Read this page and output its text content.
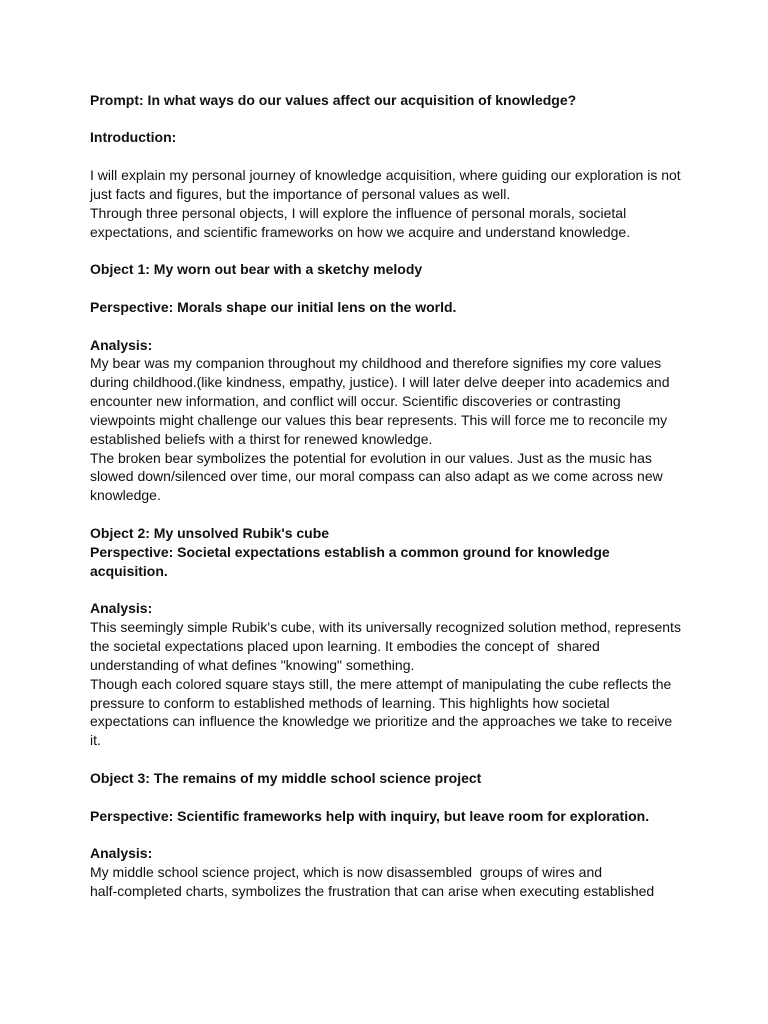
Prompt: In what ways do our values affect our acquisition of knowledge?
Introduction:
I will explain my personal journey of knowledge acquisition, where guiding our exploration is not
just facts and figures, but the importance of personal values as well.
Through three personal objects, I will explore the influence of personal morals, societal
expectations, and scientific frameworks on how we acquire and understand knowledge.
Object 1: My worn out bear with a sketchy melody
Perspective: Morals shape our initial lens on the world.
Analysis:
My bear was my companion throughout my childhood and therefore signifies my core values
during childhood.(like kindness, empathy, justice). I will later delve deeper into academics and
encounter new information, and conflict will occur. Scientific discoveries or contrasting
viewpoints might challenge our values this bear represents. This will force me to reconcile my
established beliefs with a thirst for renewed knowledge.
The broken bear symbolizes the potential for evolution in our values. Just as the music has
slowed down/silenced over time, our moral compass can also adapt as we come across new
knowledge.
Object 2: My unsolved Rubik's cube
Perspective: Societal expectations establish a common ground for knowledge
acquisition.
Analysis:
This seemingly simple Rubik's cube, with its universally recognized solution method, represents
the societal expectations placed upon learning. It embodies the concept of  shared
understanding of what defines "knowing" something.
Though each colored square stays still, the mere attempt of manipulating the cube reflects the
pressure to conform to established methods of learning. This highlights how societal
expectations can influence the knowledge we prioritize and the approaches we take to receive
it.
Object 3: The remains of my middle school science project
Perspective: Scientific frameworks help with inquiry, but leave room for exploration.
Analysis:
My middle school science project, which is now disassembled  groups of wires and
half-completed charts, symbolizes the frustration that can arise when executing established
